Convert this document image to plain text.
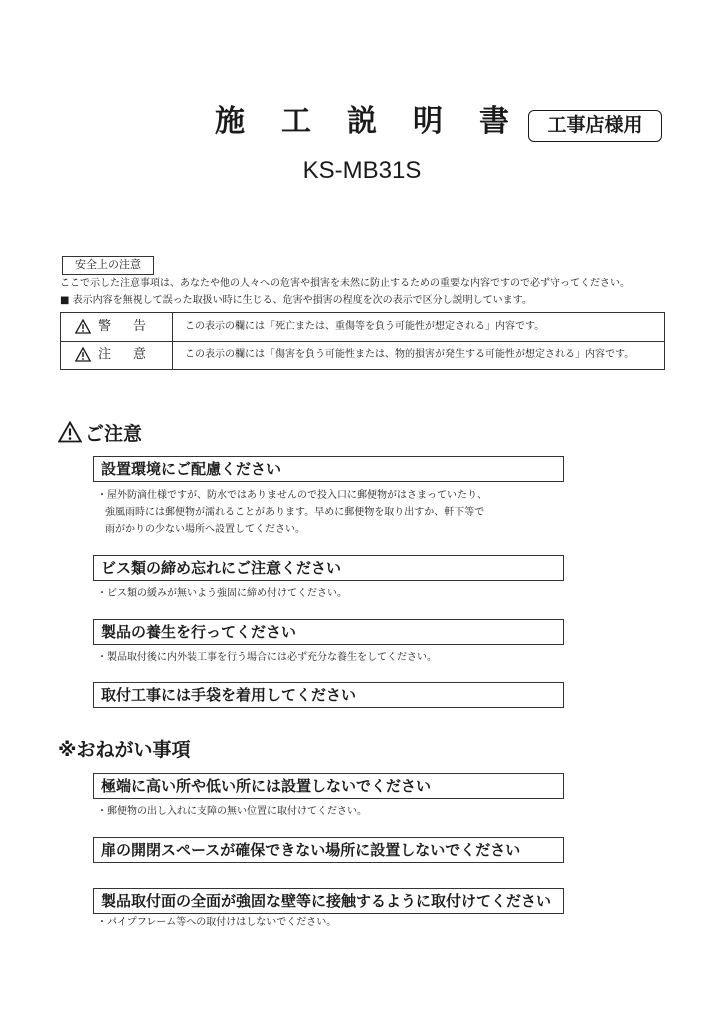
施 工 説 明 書	工事店様用
KS-MB31S
安全上の注意
ここで示した注意事項は、あなたや他の人々への危害や損害を未然に防止するための重要な内容ですので必ず守ってください。
■ 表示内容を無視して誤った取扱い時に生じる、危害や損害の程度を次の表示で区分し説明しています。
警告 この表示の欄には「死亡または、重傷等を負う可能性が想定される」内容です。
注意 この表示の欄には「傷害を負う可能性または、物的損害が発生する可能性が想定される」内容です。
ご注意
設置環境にご配慮ください
・屋外防滴仕様ですが、防水ではありませんので投入口に郵便物がはさまっていたり、
強風雨時には郵便物が濡れることがあります。早めに郵便物を取り出すか、軒下等で
雨がかりの少ない場所へ設置してください。
ビス類の締め忘れにご注意ください
・ビス類の緩みが無いよう強固に締め付けてください。
製品の養生を行ってください
・製品取付後に内外装工事を行う場合には必ず充分な養生をしてください。
取付工事には手袋を着用してください
※おねがい事項
極端に高い所や低い所には設置しないでください
・郵便物の出し入れに支障の無い位置に取付けてください。
扉の開閉スペースが確保できない場所に設置しないでください
製品取付面の全面が強固な壁等に接触するように取付けてください
・パイプフレーム等への取付けはしないでください。
